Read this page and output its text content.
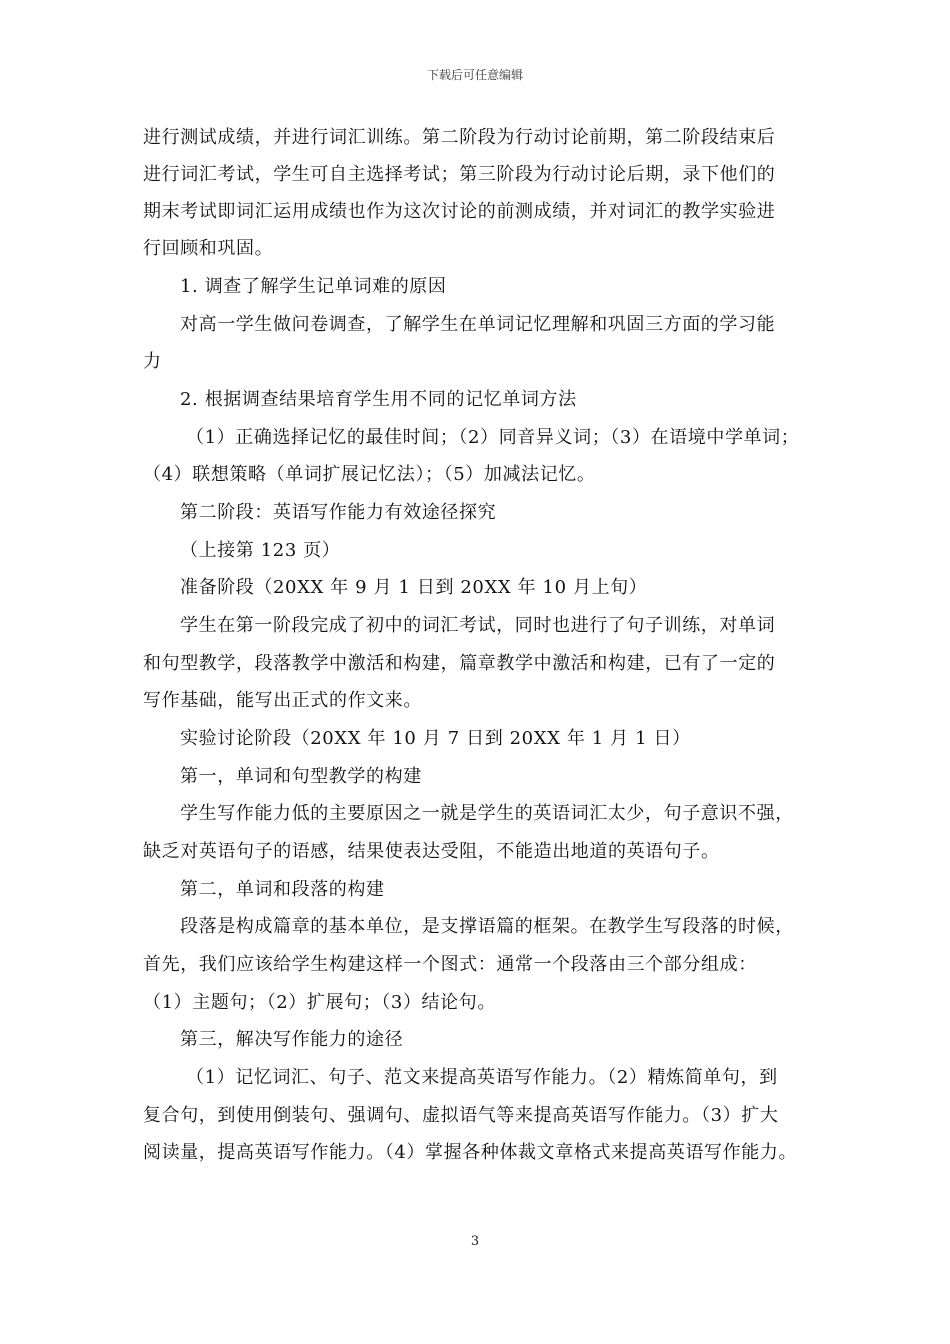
下载后可任意编辑
进行测试成绩，并进行词汇训练。第二阶段为行动讨论前期，第二阶段结束后
进行词汇考试，学生可自主选择考试；第三阶段为行动讨论后期，录下他们的
期末考试即词汇运用成绩也作为这次讨论的前测成绩，并对词汇的教学实验进
行回顾和巩固。
1. 调查了解学生记单词难的原因
对高一学生做问卷调查，了解学生在单词记忆理解和巩固三方面的学习能
力
2. 根据调查结果培育学生用不同的记忆单词方法
（1）正确选择记忆的最佳时间；（2）同音异义词；（3）在语境中学单词；
（4）联想策略（单词扩展记忆法）；（5）加减法记忆。
第二阶段：英语写作能力有效途径探究
（上接第 123 页）
准备阶段（20XX 年 9 月 1 日到 20XX 年 10 月上旬）
学生在第一阶段完成了初中的词汇考试，同时也进行了句子训练，对单词
和句型教学，段落教学中激活和构建，篇章教学中激活和构建，已有了一定的
写作基础，能写出正式的作文来。
实验讨论阶段（20XX 年 10 月 7 日到 20XX 年 1 月 1 日）
第一，单词和句型教学的构建
学生写作能力低的主要原因之一就是学生的英语词汇太少，句子意识不强，
缺乏对英语句子的语感，结果使表达受阻，不能造出地道的英语句子。
第二，单词和段落的构建
段落是构成篇章的基本单位，是支撑语篇的框架。在教学生写段落的时候，
首先，我们应该给学生构建这样一个图式：通常一个段落由三个部分组成：
（1）主题句；（2）扩展句；（3）结论句。
第三，解决写作能力的途径
（1）记忆词汇、句子、范文来提高英语写作能力。（2）精炼简单句，到
复合句，到使用倒装句、强调句、虚拟语气等来提高英语写作能力。（3）扩大
阅读量，提高英语写作能力。（4）掌握各种体裁文章格式来提高英语写作能力。
3
